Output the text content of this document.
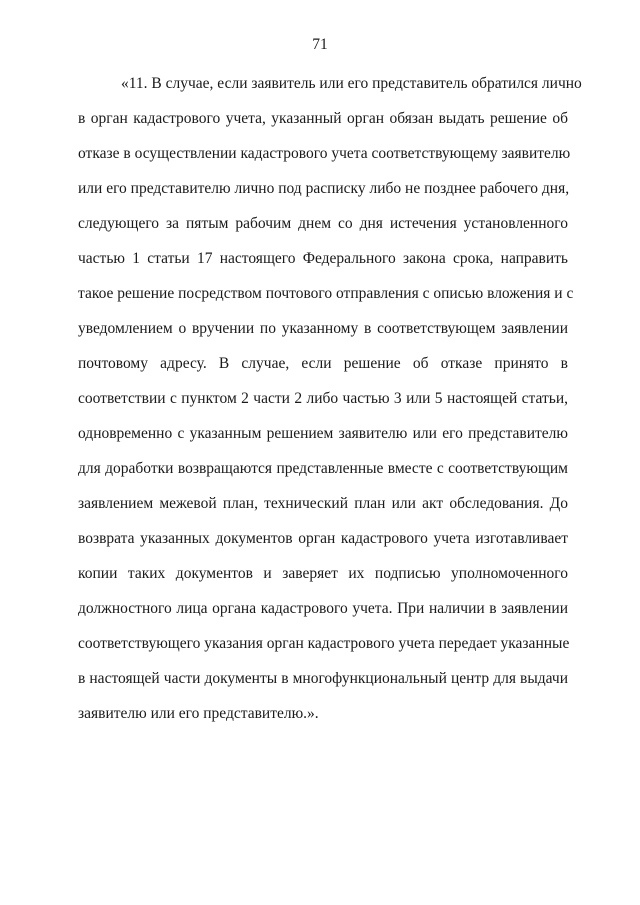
71
«11. В случае, если заявитель или его представитель обратился лично
в орган кадастрового учета, указанный орган обязан выдать решение об
отказе в осуществлении кадастрового учета соответствующему заявителю
или его представителю лично под расписку либо не позднее рабочего дня,
следующего за пятым рабочим днем со дня истечения установленного
частью 1 статьи 17 настоящего Федерального закона срока, направить
такое решение посредством почтового отправления с описью вложения и с
уведомлением о вручении по указанному в соответствующем заявлении
почтовому адресу. В случае, если решение об отказе принято в
соответствии с пунктом 2 части 2 либо частью 3 или 5 настоящей статьи,
одновременно с указанным решением заявителю или его представителю
для доработки возвращаются представленные вместе с соответствующим
заявлением межевой план, технический план или акт обследования. До
возврата указанных документов орган кадастрового учета изготавливает
копии таких документов и заверяет их подписью уполномоченного
должностного лица органа кадастрового учета. При наличии в заявлении
соответствующего указания орган кадастрового учета передает указанные
в настоящей части документы в многофункциональный центр для выдачи
заявителю или его представителю.».
